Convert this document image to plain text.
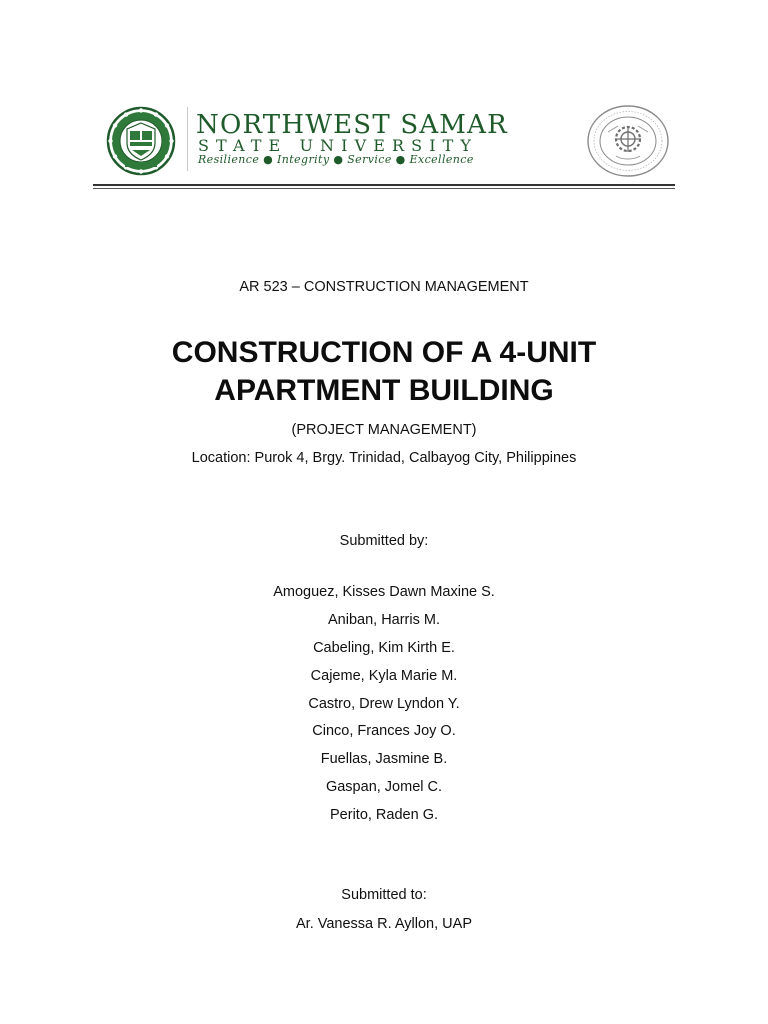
NORTHWEST SAMAR
STATE UNIVERSITY
Resilience ● Integrity ● Service ● Excellence
AR 523 – CONSTRUCTION MANAGEMENT
CONSTRUCTION OF A 4-UNIT
APARTMENT BUILDING
(PROJECT MANAGEMENT)
Location: Purok 4, Brgy. Trinidad, Calbayog City, Philippines
Submitted by:
Amoguez, Kisses Dawn Maxine S.
Aniban, Harris M.
Cabeling, Kim Kirth E.
Cajeme, Kyla Marie M.
Castro, Drew Lyndon Y.
Cinco, Frances Joy O.
Fuellas, Jasmine B.
Gaspan, Jomel C.
Perito, Raden G.
Submitted to:
Ar. Vanessa R. Ayllon, UAP
